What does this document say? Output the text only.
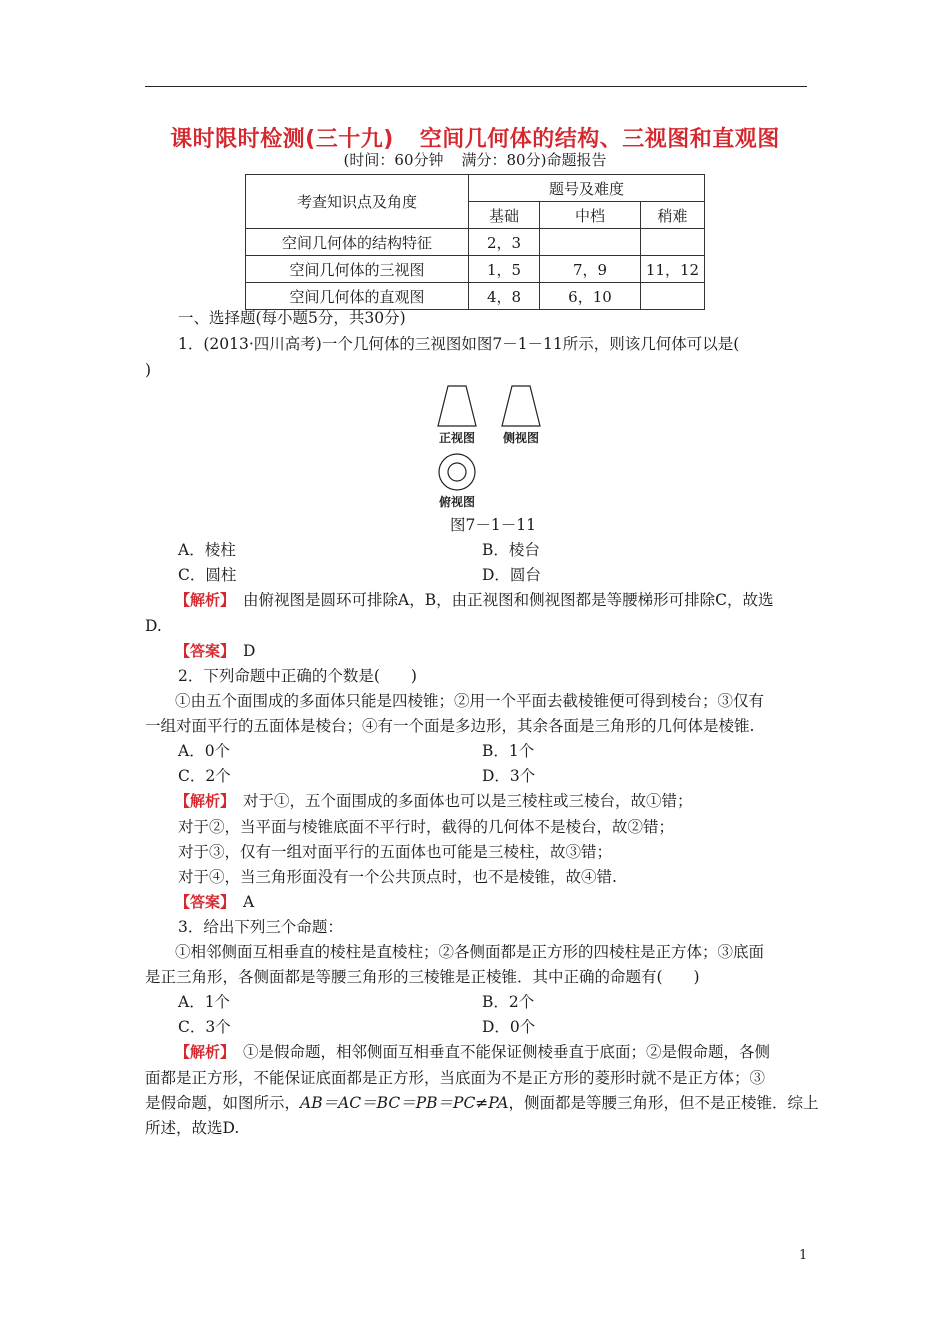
课时限时检测(三十九) 空间几何体的结构、三视图和直观图
(时间：60分钟 满分：80分)命题报告
考查知识点及角度	题号及难度		
	基础	中档	稍难
空间几何体的结构特征	2，3		
空间几何体的三视图	1，5	7，9	11，12
空间几何体的直观图	4，8	6，10	
一、选择题(每小题5分，共30分)
1．(2013·四川高考)一个几何体的三视图如图7－1－11所示，则该几何体可以是(
)
正视图 侧视图
俯视图
图7－1－11
A．棱柱	B．棱台
C．圆柱	D．圆台
【解析】　 由俯视图是圆环可排除A，B，由正视图和侧视图都是等腰梯形可排除C，故选
D.
【答案】　 D
2．下列命题中正确的个数是(　　)
①由五个面围成的多面体只能是四棱锥；②用一个平面去截棱锥便可得到棱台；③仅有
一组对面平行的五面体是棱台；④有一个面是多边形，其余各面是三角形的几何体是棱锥.
A．0个	B．1个
C．2个	D．3个
【解析】　 对于①，五个面围成的多面体也可以是三棱柱或三棱台，故①错；
对于②，当平面与棱锥底面不平行时，截得的几何体不是棱台，故②错；
对于③，仅有一组对面平行的五面体也可能是三棱柱，故③错；
对于④，当三角形面没有一个公共顶点时，也不是棱锥，故④错.
【答案】　 A
3．给出下列三个命题：
①相邻侧面互相垂直的棱柱是直棱柱；②各侧面都是正方形的四棱柱是正方体；③底面
是正三角形，各侧面都是等腰三角形的三棱锥是正棱锥．其中正确的命题有(　　)
A．1个	B．2个
C．3个	D．0个
【解析】　 ①是假命题，相邻侧面互相垂直不能保证侧棱垂直于底面；②是假命题，各侧
面都是正方形，不能保证底面都是正方形，当底面为不是正方形的菱形时就不是正方体；③
是假命题，如图所示，AB＝AC＝BC＝PB＝PC≠PA，侧面都是等腰三角形，但不是正棱锥．综上
所述，故选D.
1
